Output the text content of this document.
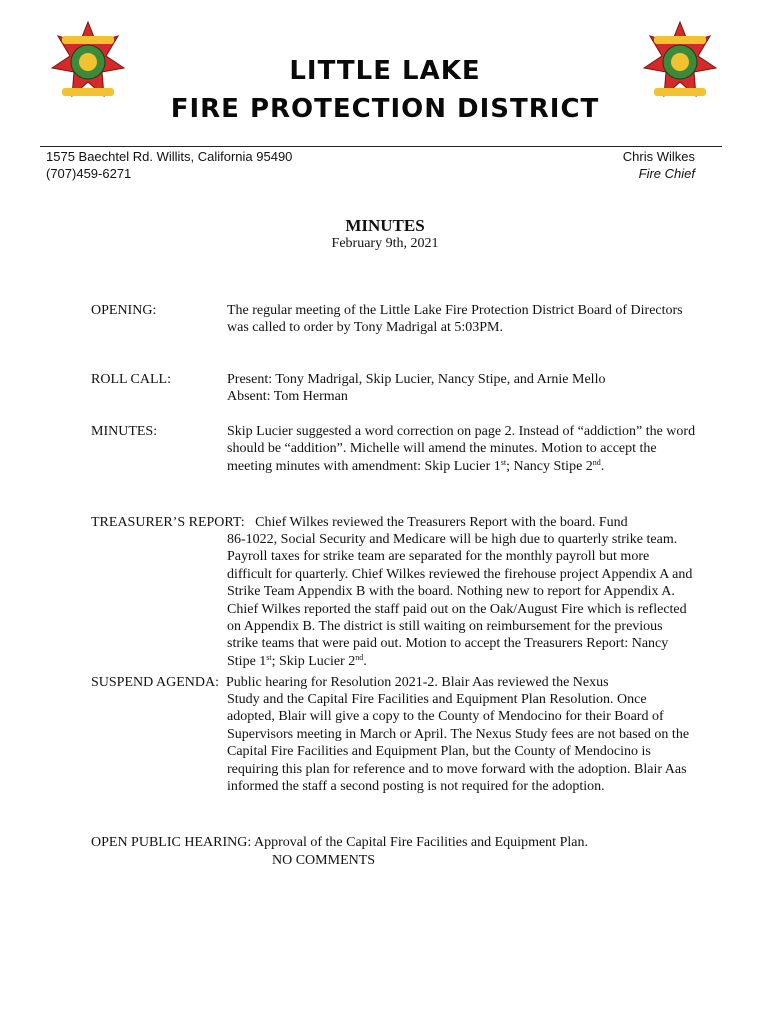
LITTLE LAKE
FIRE PROTECTION DISTRICT
1575 Baechtel Rd. Willits, California 95490
(707)459-6271
Chris Wilkes
Fire Chief
MINUTES
February 9th, 2021
OPENING:	The regular meeting of the Little Lake Fire Protection District Board of Directors was called to order by Tony Madrigal at 5:03PM.
ROLL CALL:	Present: Tony Madrigal, Skip Lucier, Nancy Stipe, and Arnie Mello
Absent: Tom Herman
MINUTES:	Skip Lucier suggested a word correction on page 2. Instead of “addiction” the word should be “addition”. Michelle will amend the minutes. Motion to accept the meeting minutes with amendment: Skip Lucier 1st; Nancy Stipe 2nd.
TREASURER’S REPORT: Chief Wilkes reviewed the Treasurers Report with the board. Fund
86-1022, Social Security and Medicare will be high due to quarterly strike team. Payroll taxes for strike team are separated for the monthly payroll but more difficult for quarterly. Chief Wilkes reviewed the firehouse project Appendix A and Strike Team Appendix B with the board. Nothing new to report for Appendix A. Chief Wilkes reported the staff paid out on the Oak/August Fire which is reflected on Appendix B. The district is still waiting on reimbursement for the previous strike teams that were paid out. Motion to accept the Treasurers Report: Nancy Stipe 1st; Skip Lucier 2nd.
SUSPEND AGENDA: Public hearing for Resolution 2021-2. Blair Aas reviewed the Nexus
Study and the Capital Fire Facilities and Equipment Plan Resolution. Once adopted, Blair will give a copy to the County of Mendocino for their Board of Supervisors meeting in March or April. The Nexus Study fees are not based on the Capital Fire Facilities and Equipment Plan, but the County of Mendocino is requiring this plan for reference and to move forward with the adoption. Blair Aas informed the staff a second posting is not required for the adoption.
OPEN PUBLIC HEARING: Approval of the Capital Fire Facilities and Equipment Plan.
NO COMMENTS
